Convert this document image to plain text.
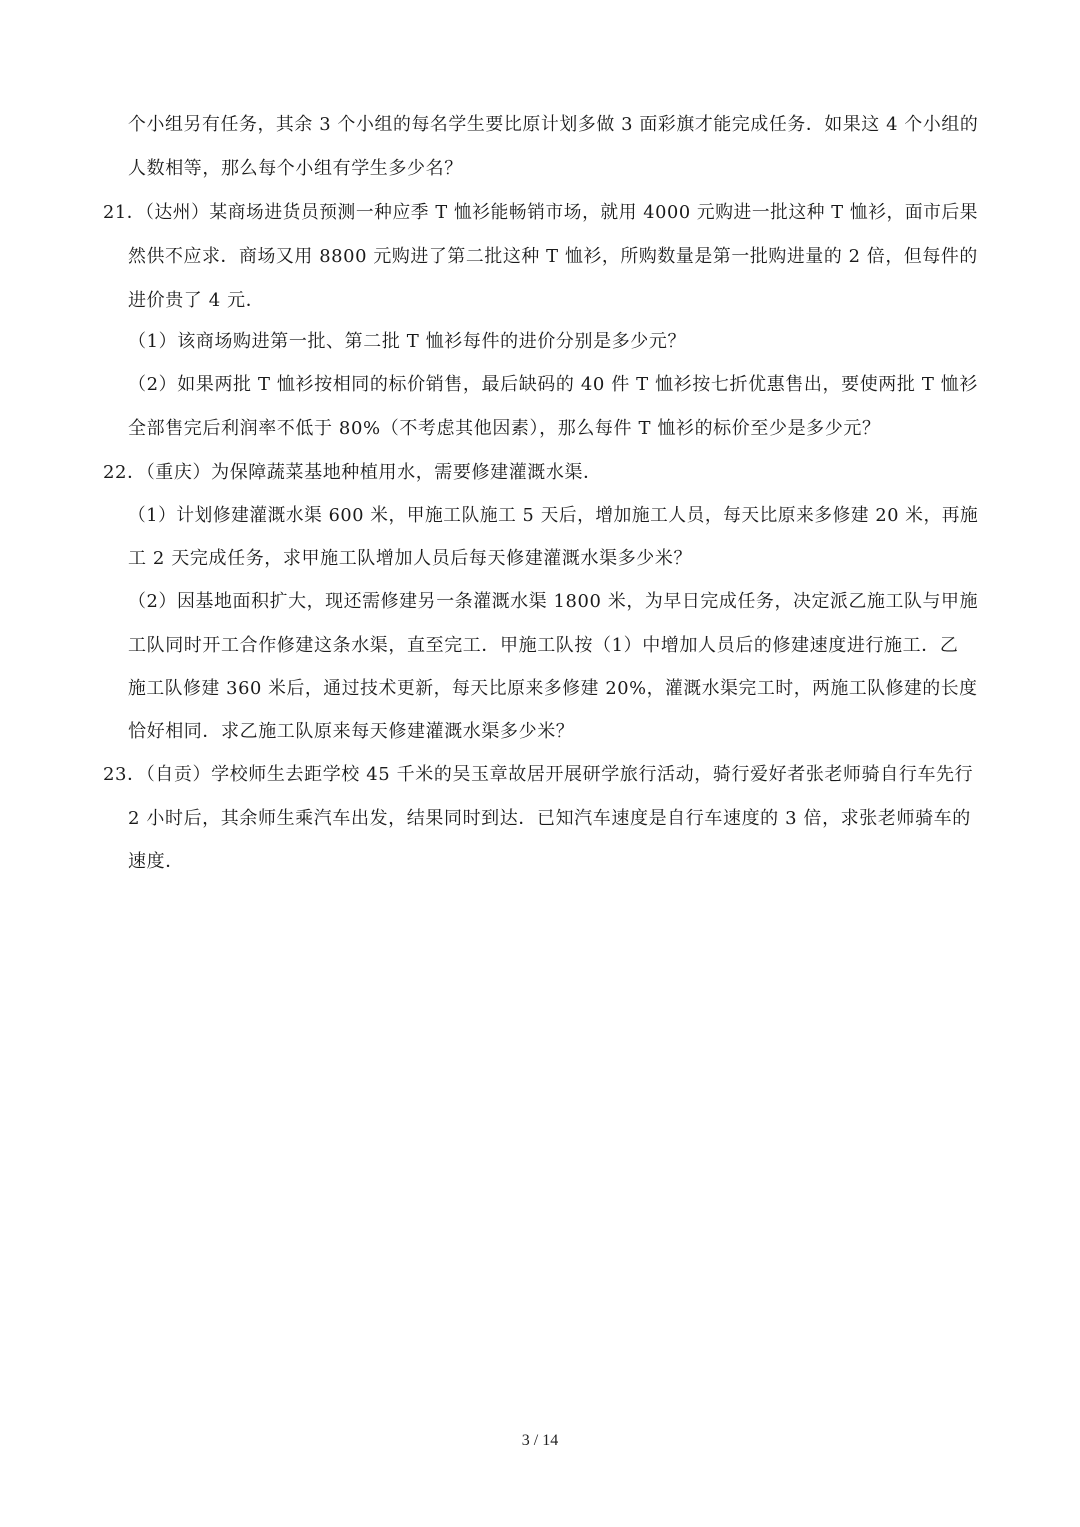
个小组另有任务，其余 3 个小组的每名学生要比原计划多做 3 面彩旗才能完成任务．如果这 4 个小组的
人数相等，那么每个小组有学生多少名？
21．（达州）某商场进货员预测一种应季 T 恤衫能畅销市场，就用 4000 元购进一批这种 T 恤衫，面市后果
然供不应求．商场又用 8800 元购进了第二批这种 T 恤衫，所购数量是第一批购进量的 2 倍，但每件的
进价贵了 4 元．
（1）该商场购进第一批、第二批 T 恤衫每件的进价分别是多少元？
（2）如果两批 T 恤衫按相同的标价销售，最后缺码的 40 件 T 恤衫按七折优惠售出，要使两批 T 恤衫
全部售完后利润率不低于 80%（不考虑其他因素），那么每件 T 恤衫的标价至少是多少元？
22．（重庆）为保障蔬菜基地种植用水，需要修建灌溉水渠．
（1）计划修建灌溉水渠 600 米，甲施工队施工 5 天后，增加施工人员，每天比原来多修建 20 米，再施
工 2 天完成任务，求甲施工队增加人员后每天修建灌溉水渠多少米？
（2）因基地面积扩大，现还需修建另一条灌溉水渠 1800 米，为早日完成任务，决定派乙施工队与甲施
工队同时开工合作修建这条水渠，直至完工．甲施工队按（1）中增加人员后的修建速度进行施工．乙
施工队修建 360 米后，通过技术更新，每天比原来多修建 20%，灌溉水渠完工时，两施工队修建的长度
恰好相同．求乙施工队原来每天修建灌溉水渠多少米？
23．（自贡）学校师生去距学校 45 千米的吴玉章故居开展研学旅行活动，骑行爱好者张老师骑自行车先行
2 小时后，其余师生乘汽车出发，结果同时到达．已知汽车速度是自行车速度的 3 倍，求张老师骑车的
速度．
3 / 14
